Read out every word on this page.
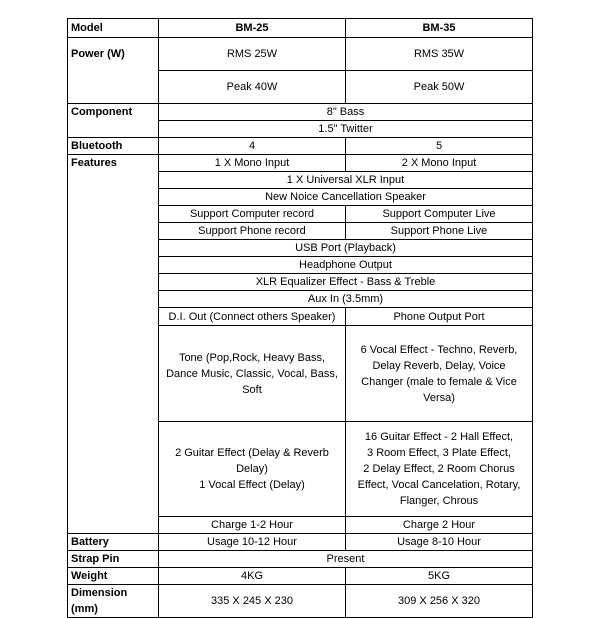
Model	BM-25	BM-35
Power (W)	RMS 25W	RMS 35W
	Peak 40W	Peak 50W
Component	8" Bass	
	1.5" Twitter	
Bluetooth	4	5
Features	1 X Mono Input	2 X Mono Input
	1 X Universal XLR Input	
	New Noice Cancellation Speaker	
	Support Computer record	Support Computer Live
	Support Phone record	Support Phone Live
	USB Port (Playback)	
	Headphone Output	
	XLR Equalizer Effect - Bass & Treble	
	Aux In (3.5mm)	
	D.I. Out (Connect others Speaker)	Phone Output Port

	Tone (Pop,Rock, Heavy Bass,
Dance Music, Classic, Vocal, Bass,
Soft	6 Vocal Effect - Techno, Reverb,
Delay Reverb, Delay, Voice
Changer (male to female & Vice
Versa)

	2 Guitar Effect (Delay & Reverb
Delay)
1 Vocal Effect (Delay)	16 Guitar Effect - 2 Hall Effect,
3 Room Effect, 3 Plate Effect,
2 Delay Effect, 2 Room Chorus
Effect, Vocal Cancelation, Rotary,
Flanger, Chrous

	Charge 1-2 Hour	Charge 2 Hour
Battery	Usage 10-12 Hour	Usage 8-10 Hour
Strap Pin	Present	
Weight	4KG	5KG
Dimension (mm)	335 X 245 X 230	309 X 256 X 320
